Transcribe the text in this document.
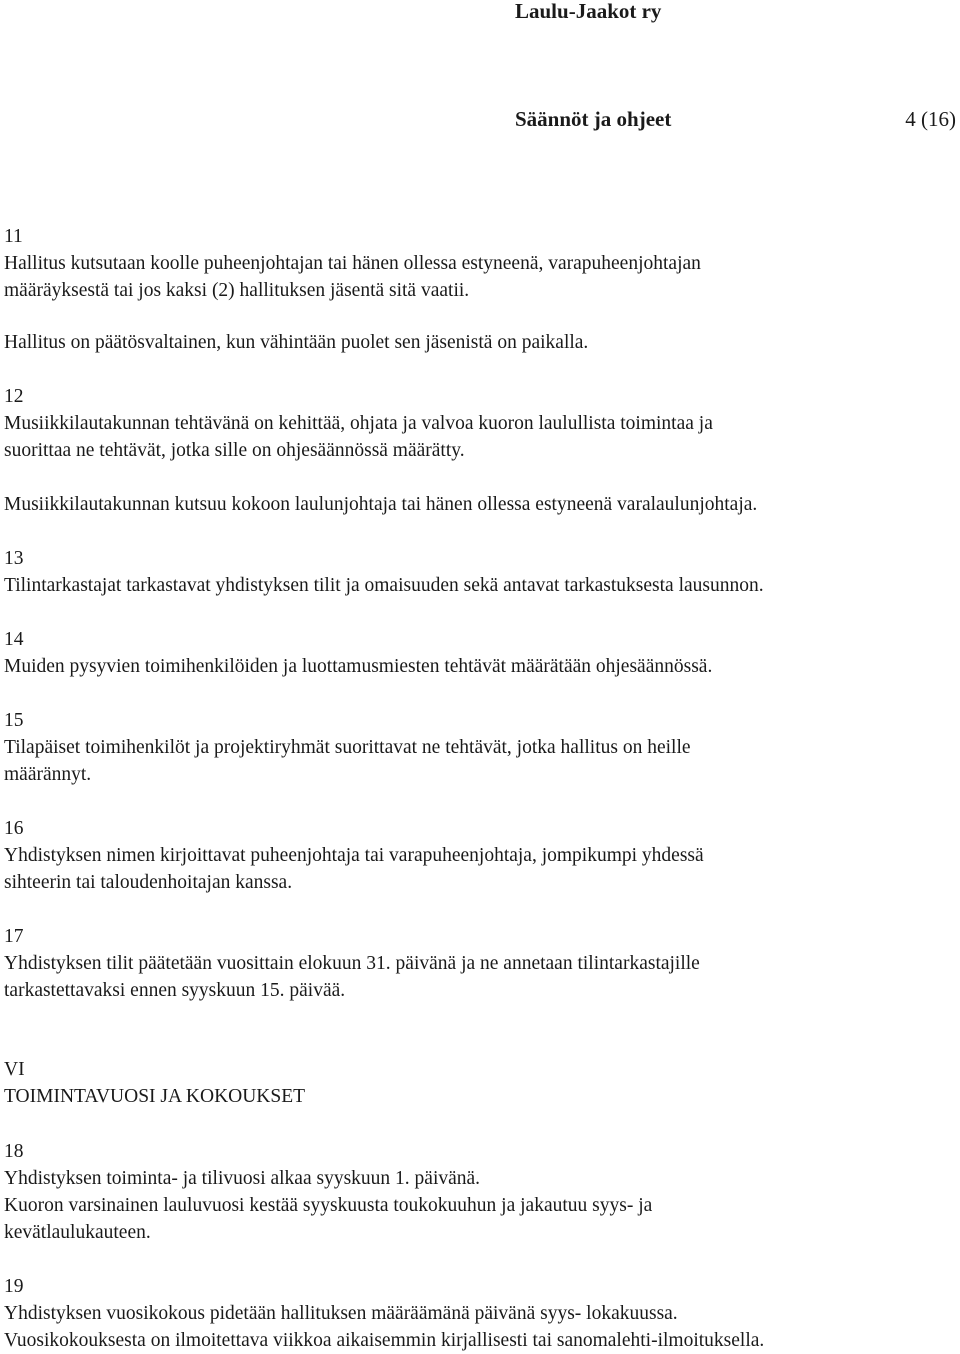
Laulu-Jaakot ry
Säännöt ja ohjeet	4 (16)
11
Hallitus kutsutaan koolle puheenjohtajan tai hänen ollessa estyneenä, varapuheenjohtajan
määräyksestä tai jos kaksi (2) hallituksen jäsentä sitä vaatii.
Hallitus on päätösvaltainen, kun vähintään puolet sen jäsenistä on paikalla.
12
Musiikkilautakunnan tehtävänä on kehittää, ohjata ja valvoa kuoron laulullista toimintaa ja
suorittaa ne tehtävät, jotka sille on ohjesäännössä määrätty.
Musiikkilautakunnan kutsuu kokoon laulunjohtaja tai hänen ollessa estyneenä varalaulunjohtaja.
13
Tilintarkastajat tarkastavat yhdistyksen tilit ja omaisuuden sekä antavat tarkastuksesta lausunnon.
14
Muiden pysyvien toimihenkilöiden ja luottamusmiesten tehtävät määrätään ohjesäännössä.
15
Tilapäiset toimihenkilöt ja projektiryhmät suorittavat ne tehtävät, jotka hallitus on heille
määrännyt.
16
Yhdistyksen nimen kirjoittavat puheenjohtaja tai varapuheenjohtaja, jompikumpi yhdessä
sihteerin tai taloudenhoitajan kanssa.
17
Yhdistyksen tilit päätetään vuosittain elokuun 31. päivänä ja ne annetaan tilintarkastajille
tarkastettavaksi ennen syyskuun 15. päivää.
VI
TOIMINTAVUOSI JA KOKOUKSET
18
Yhdistyksen toiminta- ja tilivuosi alkaa syyskuun 1. päivänä.
Kuoron varsinainen lauluvuosi kestää syyskuusta toukokuuhun ja jakautuu syys- ja
kevätlaulukauteen.
19
Yhdistyksen vuosikokous pidetään hallituksen määräämänä päivänä syys- lokakuussa.
Vuosikokouksesta on ilmoitettava viikkoa aikaisemmin kirjallisesti tai sanomalehti-ilmoituksella.
